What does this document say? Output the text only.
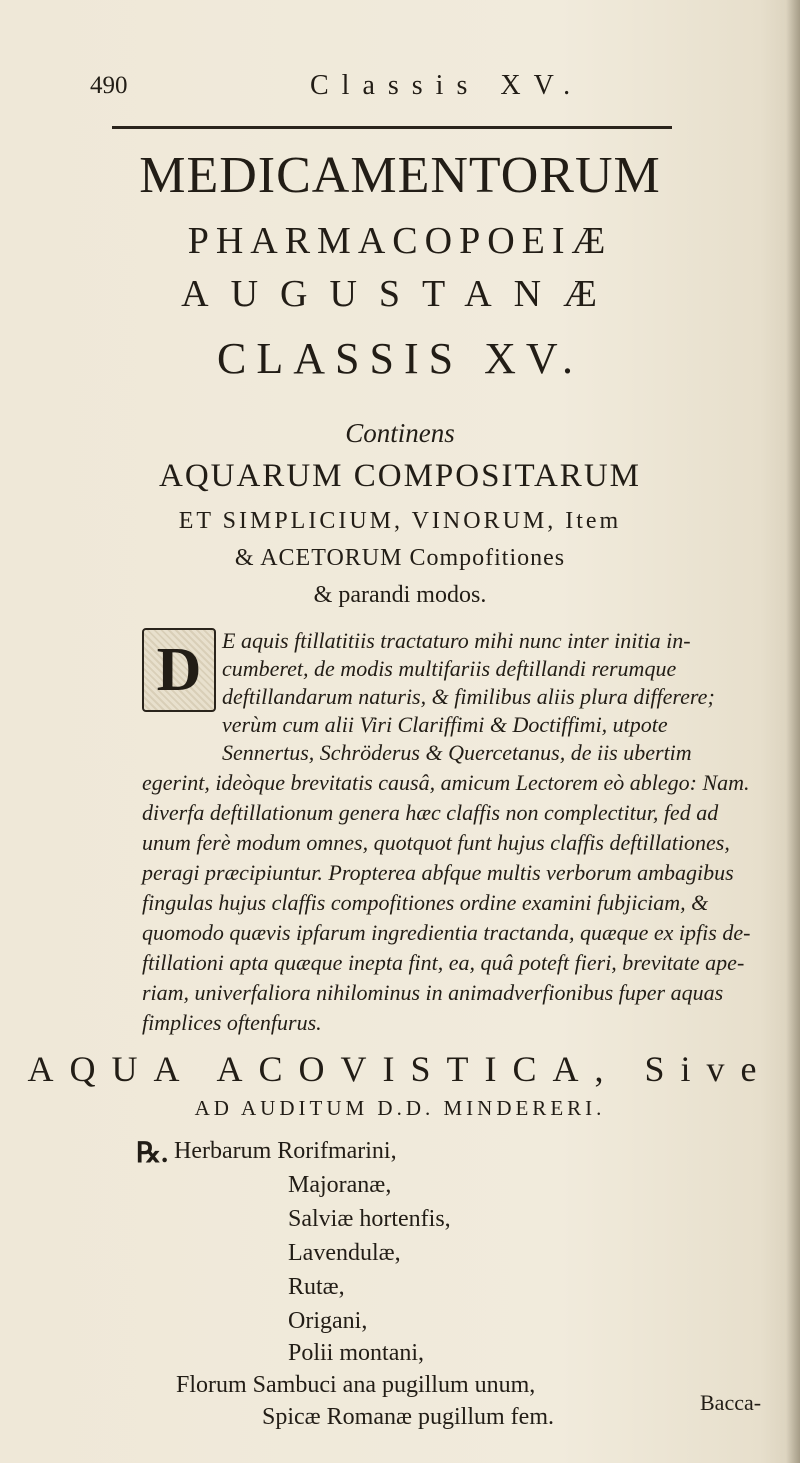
490	Classis XV.
MEDICAMENTORUM
PHARMACOPOEIÆ
AUGUSTANÆ
CLASSIS XV.
Continens
AQUARUM COMPOSITARUM
ET SIMPLICIUM, VINORUM, Item
& ACETORUM Compofitiones
& parandi modos.
D E aquis ftillatitiis tractaturo mihi nunc inter initia in-
cumberet, de modis multifariis deftillandi rerumque
deftillandarum naturis, & fimilibus aliis plura differere;
verùm cum alii Viri Clariffimi & Doctiffimi, utpote
Sennertus, Schröderus & Quercetanus, de iis ubertim
egerint, ideòque brevitatis causâ, amicum Lectorem eò ablego: Nam.
diverfa deftillationum genera hæc claffis non complectitur, fed ad
unum ferè modum omnes, quotquot funt hujus claffis deftillationes,
peragi præcipiuntur. Propterea abfque multis verborum ambagibus
fingulas hujus claffis compofitiones ordine examini fubjiciam, &
quomodo quævis ipfarum ingredientia tractanda, quæque ex ipfis de-
ftillationi apta quæque inepta fint, ea, quâ poteft fieri, brevitate ape-
riam, univerfaliora nihilominus in animadverfionibus fuper aquas
fimplices oftenfurus.
AQUA ACOVISTICA, Sive
AD AUDITUM D.D. MINDERERI.
℞. Herbarum Rorifmarini,
Majoranæ,
Salviæ hortenfis,
Lavendulæ,
Rutæ,
Origani,
Polii montani,
Florum Sambuci ana pugillum unum,
Spicæ Romanæ pugillum fem.
Bacca-
